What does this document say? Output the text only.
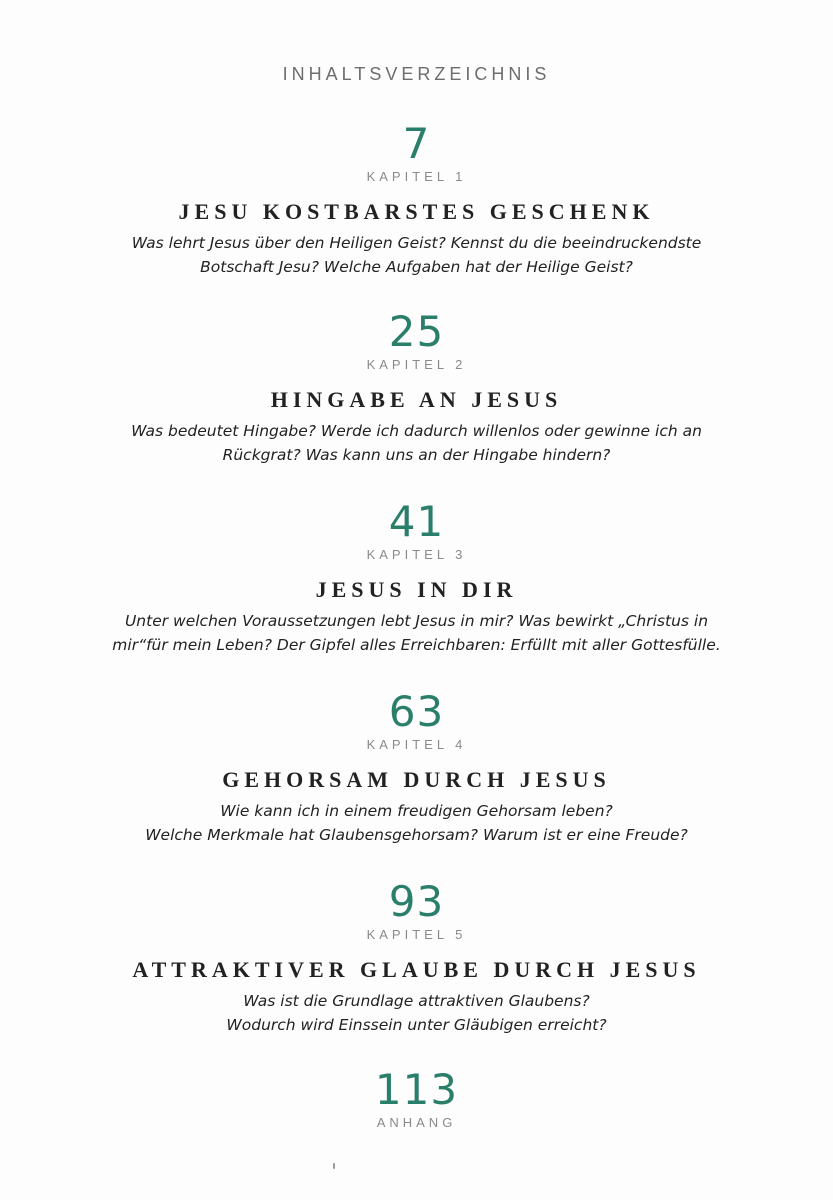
INHALTSVERZEICHNIS
7
KAPITEL 1
JESU KOSTBARSTES GESCHENK
Was lehrt Jesus über den Heiligen Geist? Kennst du die beeindruckendste
Botschaft Jesu? Welche Aufgaben hat der Heilige Geist?
25
KAPITEL 2
HINGABE AN JESUS
Was bedeutet Hingabe? Werde ich dadurch willenlos oder gewinne ich an
Rückgrat? Was kann uns an der Hingabe hindern?
41
KAPITEL 3
JESUS IN DIR
Unter welchen Voraussetzungen lebt Jesus in mir? Was bewirkt „Christus in
mir“für mein Leben? Der Gipfel alles Erreichbaren: Erfüllt mit aller Gottesfülle.
63
KAPITEL 4
GEHORSAM DURCH JESUS
Wie kann ich in einem freudigen Gehorsam leben?
Welche Merkmale hat Glaubensgehorsam? Warum ist er eine Freude?
93
KAPITEL 5
ATTRAKTIVER GLAUBE DURCH JESUS
Was ist die Grundlage attraktiven Glaubens?
Wodurch wird Einssein unter Gläubigen erreicht?
113
ANHANG
